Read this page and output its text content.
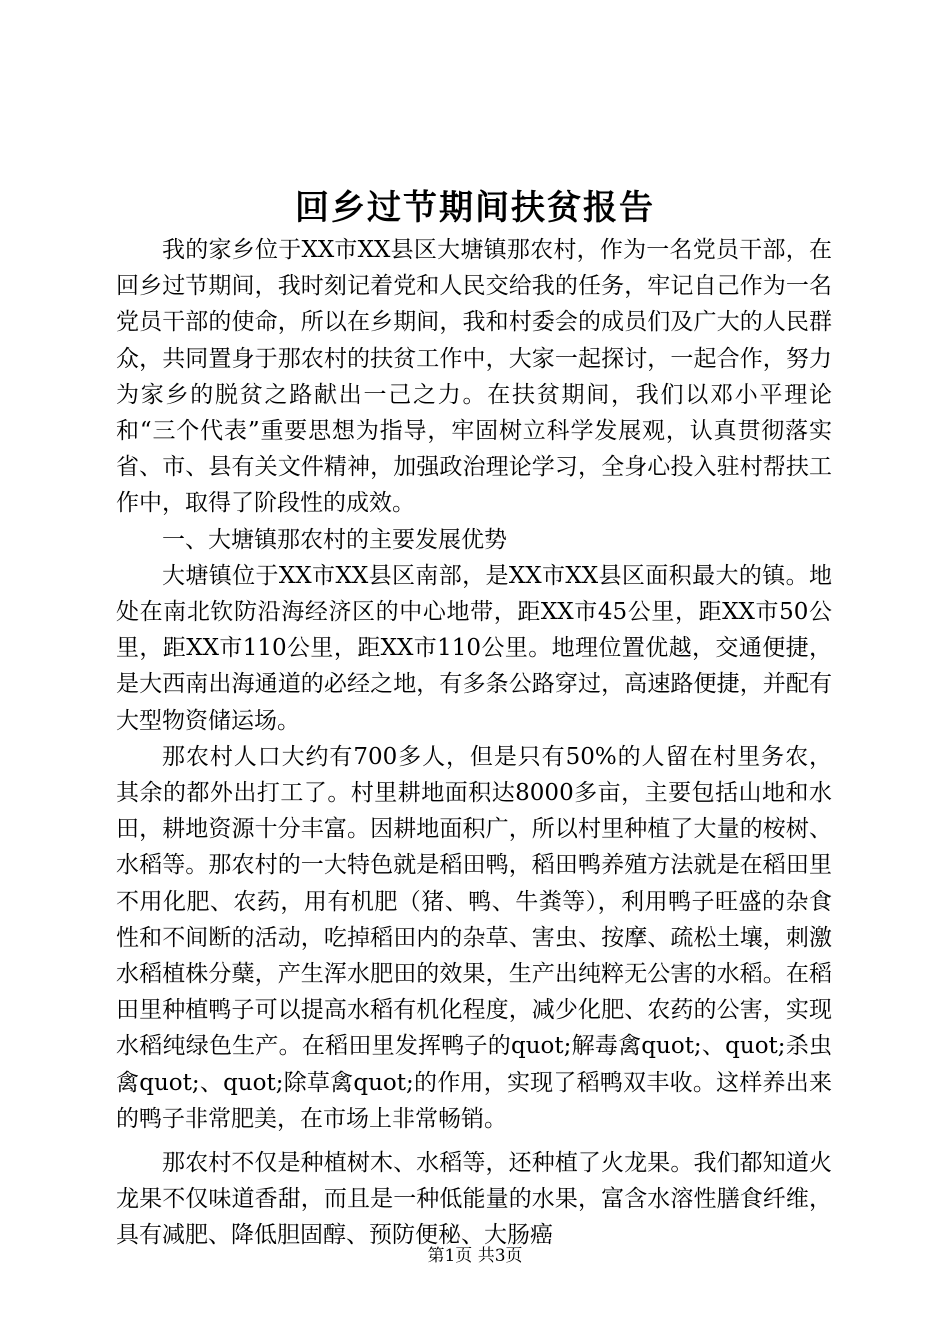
回乡过节期间扶贫报告

我的家乡位于XX市XX县区大塘镇那农村，作为一名党员干部，在回乡过节期间，我时刻记着党和人民交给我的任务，牢记自己作为一名党员干部的使命，所以在乡期间，我和村委会的成员们及广大的人民群众，共同置身于那农村的扶贫工作中，大家一起探讨，一起合作，努力为家乡的脱贫之路献出一己之力。在扶贫期间，我们以邓小平理论和“三个代表”重要思想为指导，牢固树立科学发展观，认真贯彻落实省、市、县有关文件精神，加强政治理论学习，全身心投入驻村帮扶工作中，取得了阶段性的成效。

一、大塘镇那农村的主要发展优势

大塘镇位于XX市XX县区南部，是XX市XX县区面积最大的镇。地处在南北钦防沿海经济区的中心地带，距XX市45公里，距XX市50公里，距XX市110公里，距XX市110公里。地理位置优越，交通便捷，是大西南出海通道的必经之地，有多条公路穿过，高速路便捷，并配有大型物资储运场。

那农村人口大约有700多人，但是只有50%的人留在村里务农，其余的都外出打工了。村里耕地面积达8000多亩，主要包括山地和水田，耕地资源十分丰富。因耕地面积广，所以村里种植了大量的桉树、水稻等。那农村的一大特色就是稻田鸭，稻田鸭养殖方法就是在稻田里不用化肥、农药，用有机肥（猪、鸭、牛粪等），利用鸭子旺盛的杂食性和不间断的活动，吃掉稻田内的杂草、害虫、按摩、疏松土壤，刺激水稻植株分蘖，产生浑水肥田的效果，生产出纯粹无公害的水稻。在稻田里种植鸭子可以提高水稻有机化程度，减少化肥、农药的公害，实现水稻纯绿色生产。在稻田里发挥鸭子的quot;解毒禽quot;、quot;杀虫禽quot;、quot;除草禽quot;的作用，实现了稻鸭双丰收。这样养出来的鸭子非常肥美，在市场上非常畅销。

那农村不仅是种植树木、水稻等，还种植了火龙果。我们都知道火龙果不仅味道香甜，而且是一种低能量的水果，富含水溶性膳食纤维，具有减肥、降低胆固醇、预防便秘、大肠癌

第1页 共3页
